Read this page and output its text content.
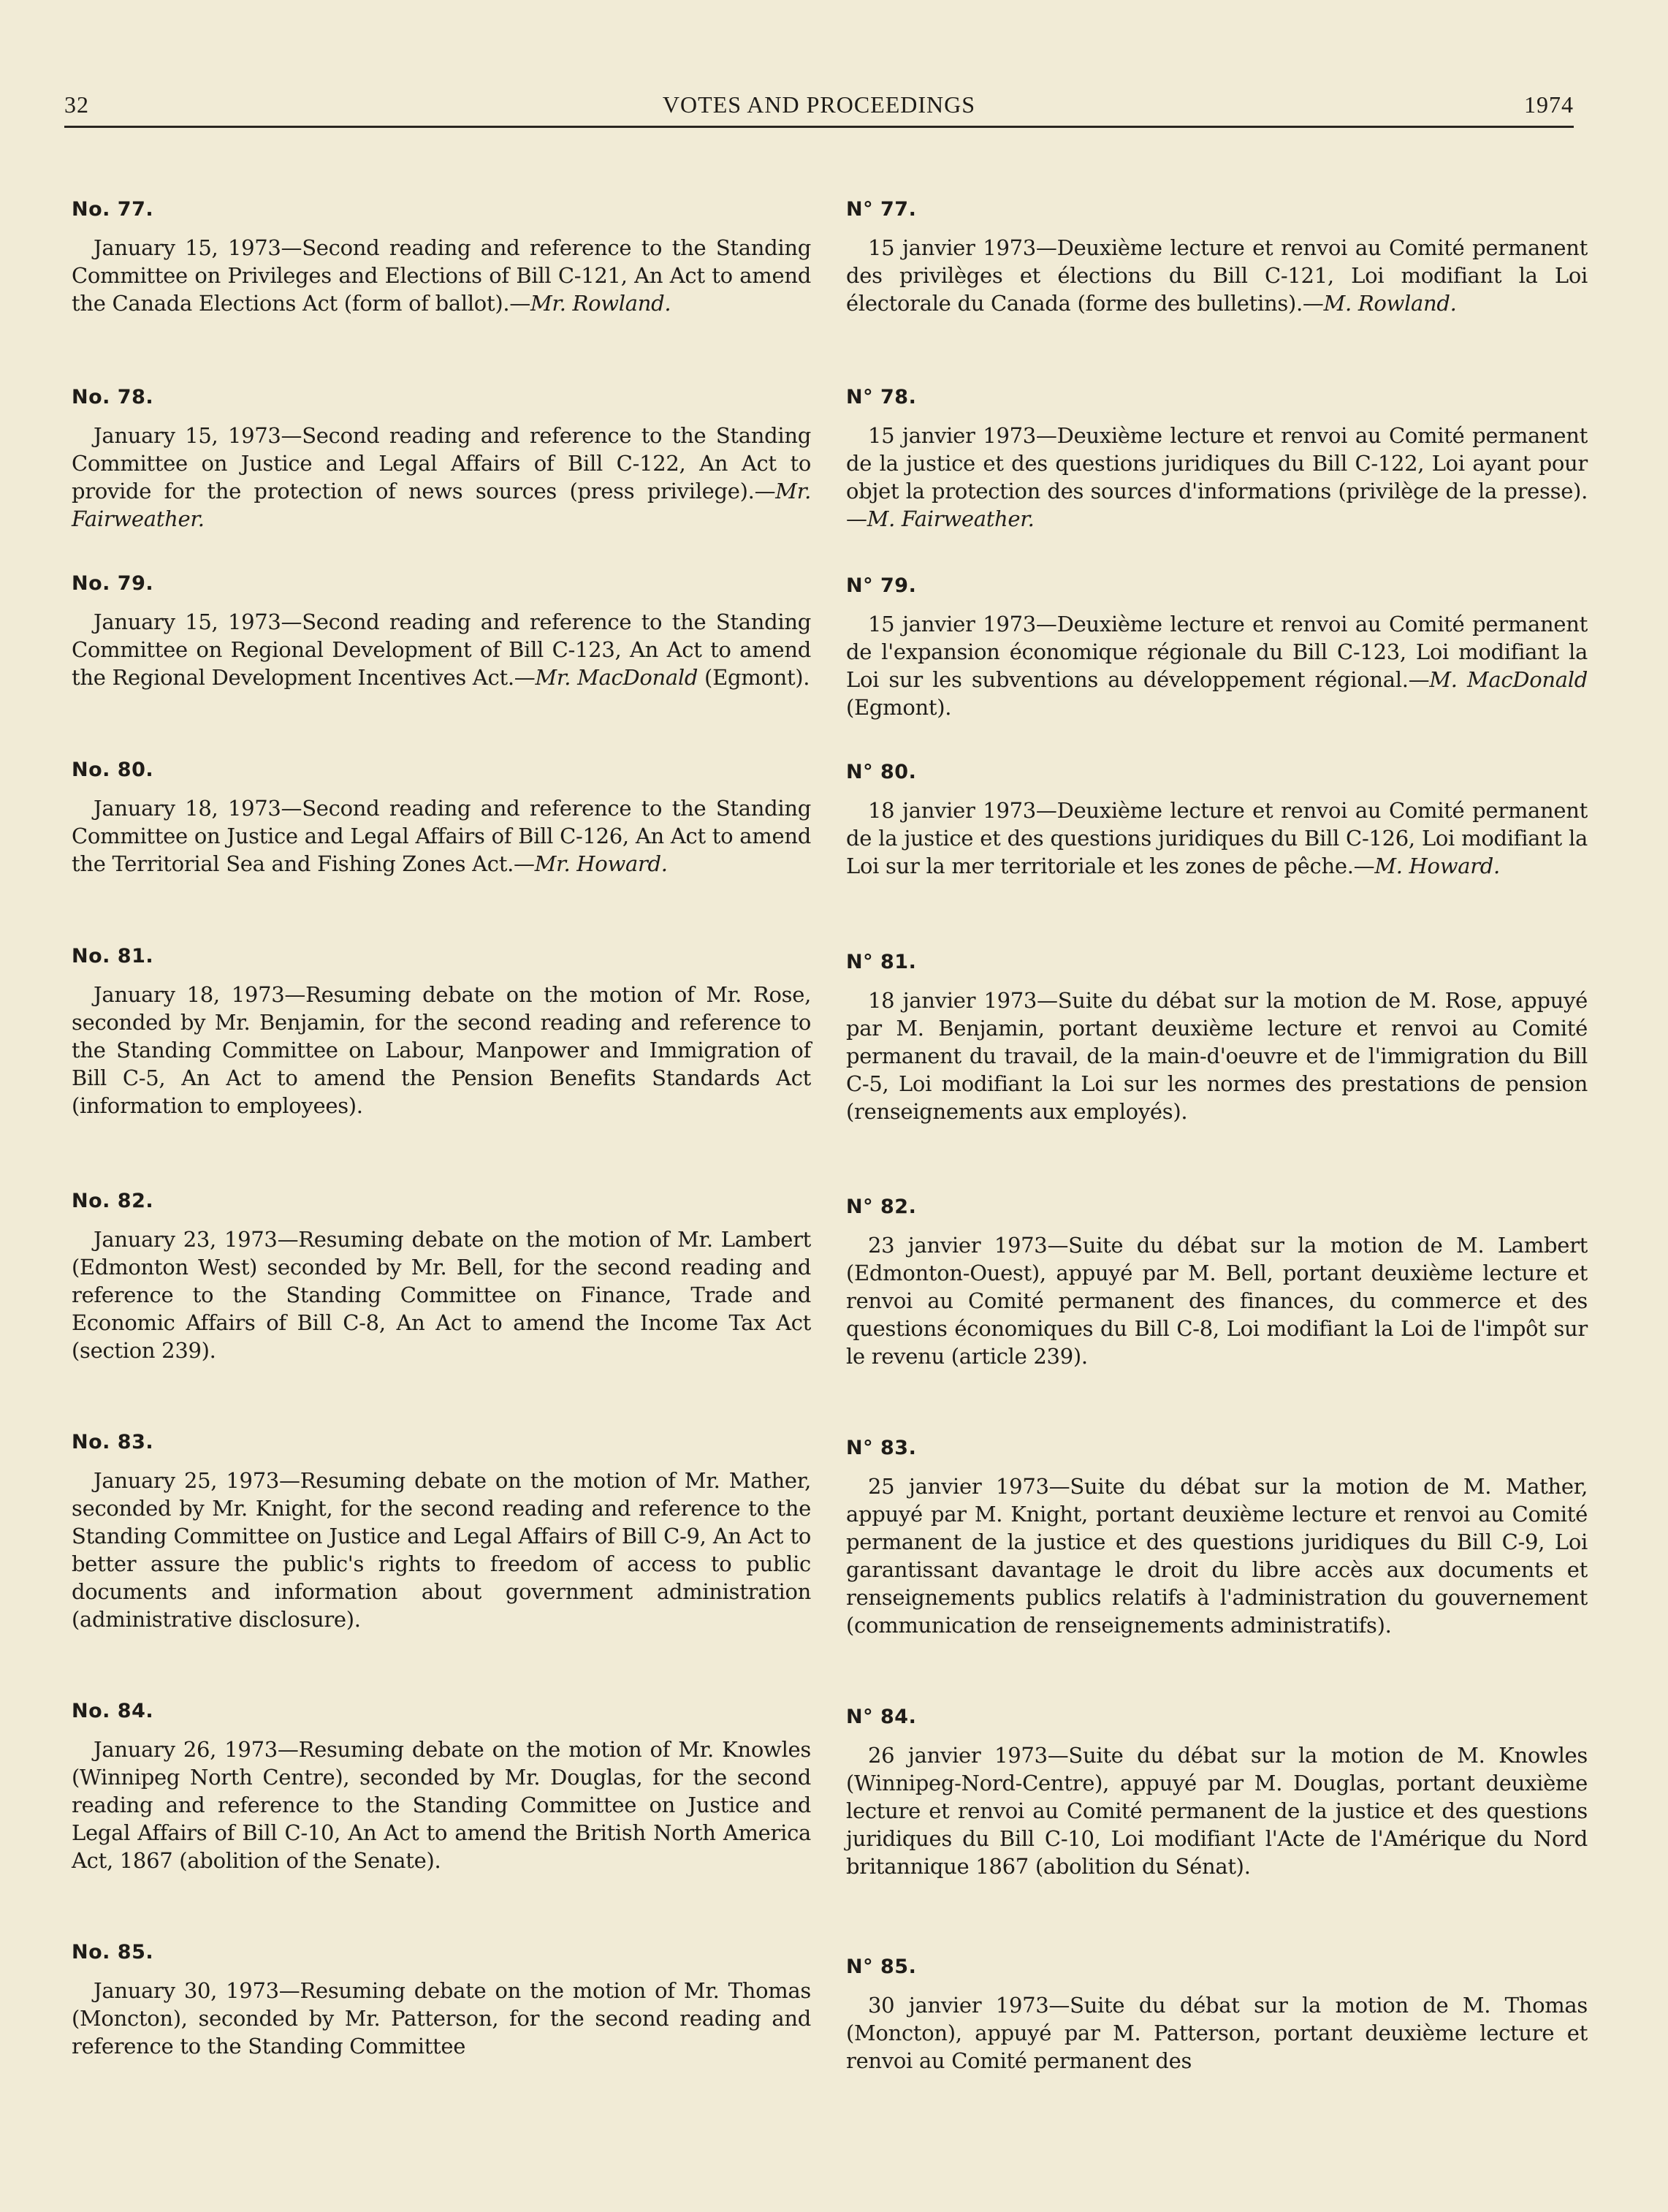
32	VOTES AND PROCEEDINGS	1974
No. 77.

January 15, 1973—Second reading and reference to the Standing Committee on Privileges and Elections of Bill C-121, An Act to amend the Canada Elections Act (form of ballot).—Mr. Rowland.

No. 78.

January 15, 1973—Second reading and reference to the Standing Committee on Justice and Legal Affairs of Bill C-122, An Act to provide for the protection of news sources (press privilege).—Mr. Fairweather.

No. 79.

January 15, 1973—Second reading and reference to the Standing Committee on Regional Development of Bill C-123, An Act to amend the Regional Development Incentives Act.—Mr. MacDonald (Egmont).

No. 80.

January 18, 1973—Second reading and reference to the Standing Committee on Justice and Legal Affairs of Bill C-126, An Act to amend the Territorial Sea and Fishing Zones Act.—Mr. Howard.

No. 81.

January 18, 1973—Resuming debate on the motion of Mr. Rose, seconded by Mr. Benjamin, for the second reading and reference to the Standing Committee on Labour, Manpower and Immigration of Bill C-5, An Act to amend the Pension Benefits Standards Act (information to employees).

No. 82.

January 23, 1973—Resuming debate on the motion of Mr. Lambert (Edmonton West) seconded by Mr. Bell, for the second reading and reference to the Standing Committee on Finance, Trade and Economic Affairs of Bill C-8, An Act to amend the Income Tax Act (section 239).

No. 83.

January 25, 1973—Resuming debate on the motion of Mr. Mather, seconded by Mr. Knight, for the second reading and reference to the Standing Committee on Justice and Legal Affairs of Bill C-9, An Act to better assure the public's rights to freedom of access to public documents and information about government administration (administrative disclosure).

No. 84.

January 26, 1973—Resuming debate on the motion of Mr. Knowles (Winnipeg North Centre), seconded by Mr. Douglas, for the second reading and reference to the Standing Committee on Justice and Legal Affairs of Bill C-10, An Act to amend the British North America Act, 1867 (abolition of the Senate).

No. 85.

January 30, 1973—Resuming debate on the motion of Mr. Thomas (Moncton), seconded by Mr. Patterson, for the second reading and reference to the Standing Committee

N° 77.

15 janvier 1973—Deuxième lecture et renvoi au Comité permanent des privilèges et élections du Bill C-121, Loi modifiant la Loi électorale du Canada (forme des bulletins).—M. Rowland.

N° 78.

15 janvier 1973—Deuxième lecture et renvoi au Comité permanent de la justice et des questions juridiques du Bill C-122, Loi ayant pour objet la protection des sources d'informations (privilège de la presse).—M. Fairweather.

N° 79.

15 janvier 1973—Deuxième lecture et renvoi au Comité permanent de l'expansion économique régionale du Bill C-123, Loi modifiant la Loi sur les subventions au développement régional.—M. MacDonald (Egmont).

N° 80.

18 janvier 1973—Deuxième lecture et renvoi au Comité permanent de la justice et des questions juridiques du Bill C-126, Loi modifiant la Loi sur la mer territoriale et les zones de pêche.—M. Howard.

N° 81.

18 janvier 1973—Suite du débat sur la motion de M. Rose, appuyé par M. Benjamin, portant deuxième lecture et renvoi au Comité permanent du travail, de la main-d'oeuvre et de l'immigration du Bill C-5, Loi modifiant la Loi sur les normes des prestations de pension (renseignements aux employés).

N° 82.

23 janvier 1973—Suite du débat sur la motion de M. Lambert (Edmonton-Ouest), appuyé par M. Bell, portant deuxième lecture et renvoi au Comité permanent des finances, du commerce et des questions économiques du Bill C-8, Loi modifiant la Loi de l'impôt sur le revenu (article 239).

N° 83.

25 janvier 1973—Suite du débat sur la motion de M. Mather, appuyé par M. Knight, portant deuxième lecture et renvoi au Comité permanent de la justice et des questions juridiques du Bill C-9, Loi garantissant davantage le droit du libre accès aux documents et renseignements publics relatifs à l'administration du gouvernement (communication de renseignements administratifs).

N° 84.

26 janvier 1973—Suite du débat sur la motion de M. Knowles (Winnipeg-Nord-Centre), appuyé par M. Douglas, portant deuxième lecture et renvoi au Comité permanent de la justice et des questions juridiques du Bill C-10, Loi modifiant l'Acte de l'Amérique du Nord britannique 1867 (abolition du Sénat).

N° 85.

30 janvier 1973—Suite du débat sur la motion de M. Thomas (Moncton), appuyé par M. Patterson, portant deuxième lecture et renvoi au Comité permanent des
